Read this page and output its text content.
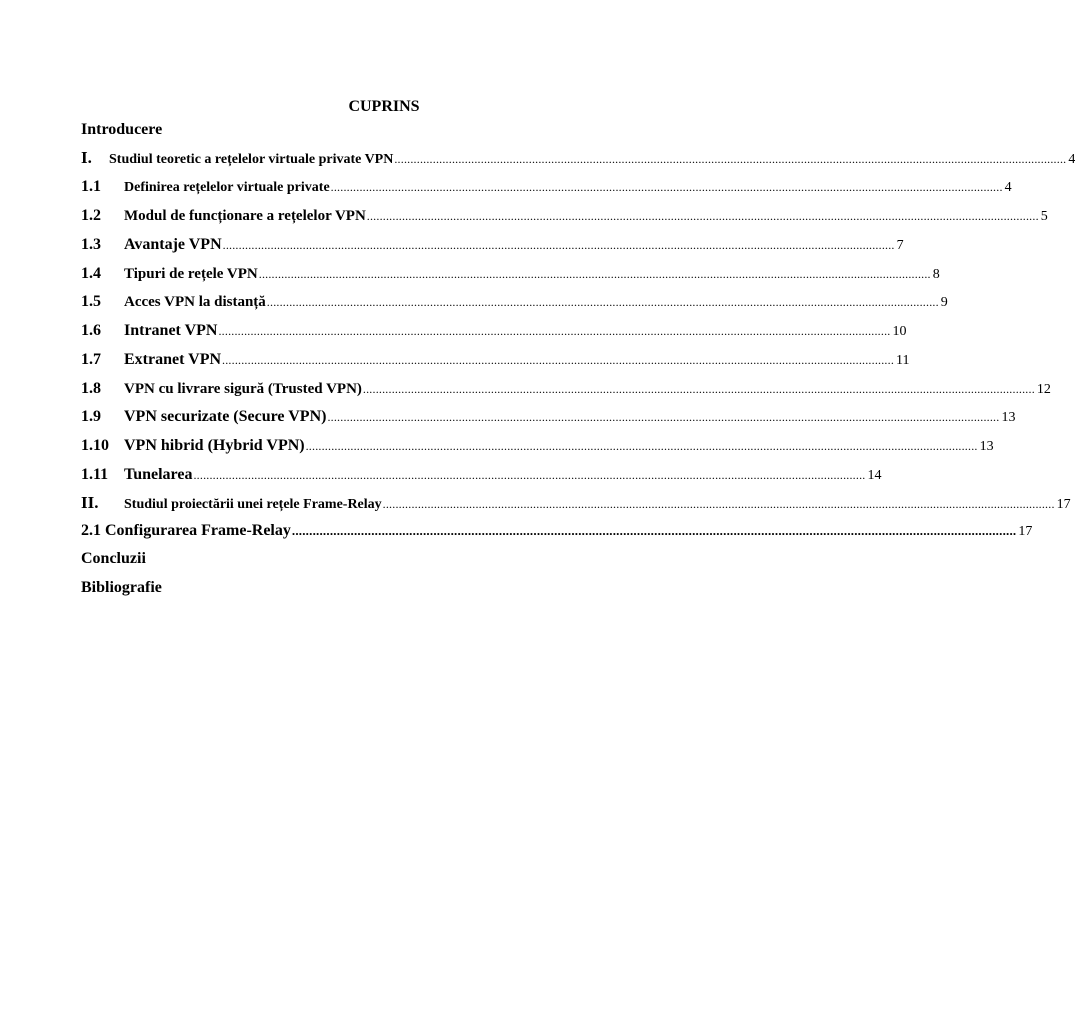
CUPRINS
Introducere
I.	Studiul teoretic a rețelelor virtuale private VPN .................................................................................................................................................................................................................. 4
1.1	Definirea rețelelor virtuale private .................................................................................................................................................................................................................. 4
1.2	Modul de funcționare a rețelelor VPN .................................................................................................................................................................................................................. 5
1.3	Avantaje VPN .................................................................................................................................................................................................................. 7
1.4	Tipuri de rețele VPN .................................................................................................................................................................................................................. 8
1.5	Acces VPN la distanță .................................................................................................................................................................................................................. 9
1.6	Intranet VPN .................................................................................................................................................................................................................. 10
1.7	Extranet VPN .................................................................................................................................................................................................................. 11
1.8	VPN cu livrare sigură (Trusted VPN) .................................................................................................................................................................................................................. 12
1.9	VPN securizate (Secure VPN) .................................................................................................................................................................................................................. 13
1.10 VPN hibrid (Hybrid VPN) .................................................................................................................................................................................................................. 13
1.11 Tunelarea .................................................................................................................................................................................................................. 14
II.	Studiul proiectării unei rețele Frame-Relay .................................................................................................................................................................................................................. 17
2.1 Configurarea Frame-Relay .................................................................................................................................................................................................................. 17
Concluzii
Bibliografie
